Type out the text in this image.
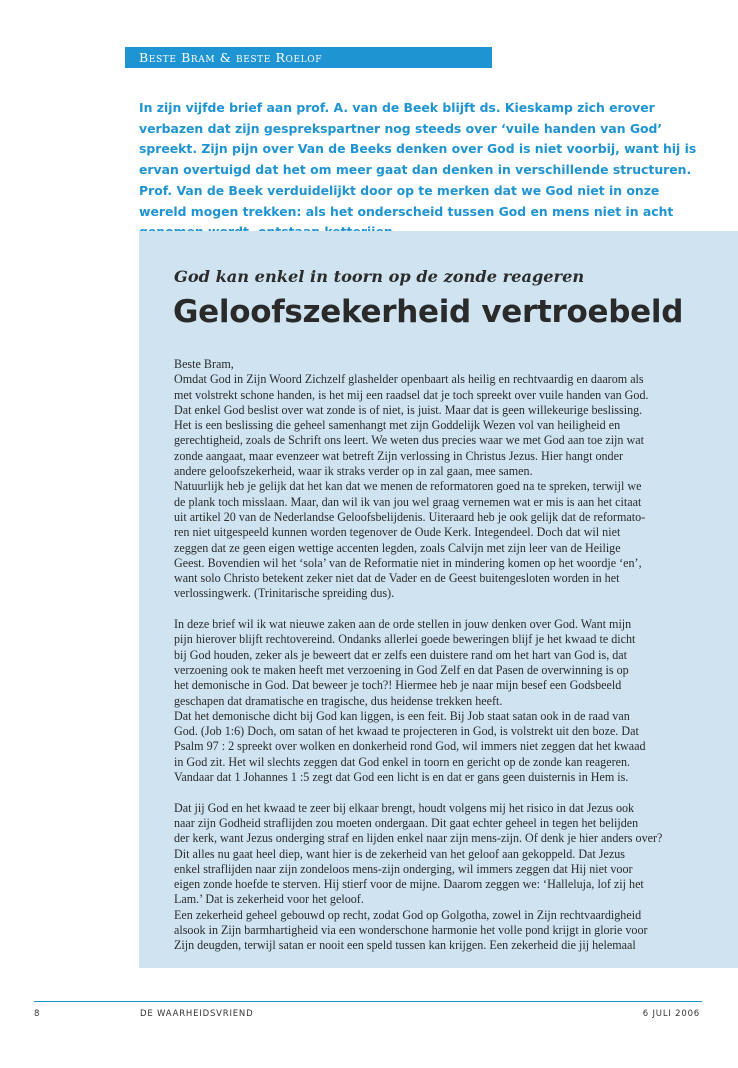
Beste Bram & beste Roelof

In zijn vijfde brief aan prof. A. van de Beek blijft ds. Kieskamp zich erover verbazen dat zijn gesprekspartner nog steeds over ‘vuile handen van God’ spreekt. Zijn pijn over Van de Beeks denken over God is niet voorbij, want hij is ervan overtuigd dat het om meer gaat dan denken in verschillende structuren. Prof. Van de Beek verduidelijkt door op te merken dat we God niet in onze wereld mogen trekken: als het onderscheid tussen God en mens niet in acht

God kan enkel in toorn op de zonde reageren
Geloofszekerheid vertroebeld

Beste Bram,
Omdat God in Zijn Woord Zichzelf glashelder openbaart als heilig en rechtvaardig en daarom als
met volstrekt schone handen, is het mij een raadsel dat je toch spreekt over vuile handen van God.
Dat enkel God beslist over wat zonde is of niet, is juist. Maar dat is geen willekeurige beslissing.
Het is een beslissing die geheel samenhangt met zijn Goddelijk Wezen vol van heiligheid en
gerechtigheid, zoals de Schrift ons leert. We weten dus precies waar we met God aan toe zijn wat
zonde aangaat, maar evenzeer wat betreft Zijn verlossing in Christus Jezus. Hier hangt onder
andere geloofszekerheid, waar ik straks verder op in zal gaan, mee samen.
Natuurlijk heb je gelijk dat het kan dat we menen de reformatoren goed na te spreken, terwijl we
de plank toch misslaan. Maar, dan wil ik van jou wel graag vernemen wat er mis is aan het citaat
uit artikel 20 van de Nederlandse Geloofsbelijdenis. Uiteraard heb je ook gelijk dat de reformato-
ren niet uitgespeeld kunnen worden tegenover de Oude Kerk. Integendeel. Doch dat wil niet
zeggen dat ze geen eigen wettige accenten legden, zoals Calvijn met zijn leer van de Heilige
Geest. Bovendien wil het ‘sola’ van de Reformatie niet in mindering komen op het woordje ‘en’,
want solo Christo betekent zeker niet dat de Vader en de Geest buitengesloten worden in het
verlossingwerk. (Trinitarische spreiding dus).

In deze brief wil ik wat nieuwe zaken aan de orde stellen in jouw denken over God. Want mijn
pijn hierover blijft rechtovereind. Ondanks allerlei goede beweringen blijf je het kwaad te dicht
bij God houden, zeker als je beweert dat er zelfs een duistere rand om het hart van God is, dat
verzoening ook te maken heeft met verzoening in God Zelf en dat Pasen de overwinning is op
het demonische in God. Dat beweer je toch?! Hiermee heb je naar mijn besef een Godsbeeld
geschapen dat dramatische en tragische, dus heidense trekken heeft.
Dat het demonische dicht bij God kan liggen, is een feit. Bij Job staat satan ook in de raad van
God. (Job 1:6) Doch, om satan of het kwaad te projecteren in God, is volstrekt uit den boze. Dat
Psalm 97 : 2 spreekt over wolken en donkerheid rond God, wil immers niet zeggen dat het kwaad
in God zit. Het wil slechts zeggen dat God enkel in toorn en gericht op de zonde kan reageren.
Vandaar dat 1 Johannes 1 :5 zegt dat God een licht is en dat er gans geen duisternis in Hem is.

Dat jij God en het kwaad te zeer bij elkaar brengt, houdt volgens mij het risico in dat Jezus ook
naar zijn Godheid straflijden zou moeten ondergaan. Dit gaat echter geheel in tegen het belijden
der kerk, want Jezus onderging straf en lijden enkel naar zijn mens-zijn. Of denk je hier anders over?
Dit alles nu gaat heel diep, want hier is de zekerheid van het geloof aan gekoppeld. Dat Jezus
enkel straflijden naar zijn zondeloos mens-zijn onderging, wil immers zeggen dat Hij niet voor
eigen zonde hoefde te sterven. Hij stierf voor de mijne. Daarom zeggen we: ‘Halleluja, lof zij het
Lam.’ Dat is zekerheid voor het geloof.
Een zekerheid geheel gebouwd op recht, zodat God op Golgotha, zowel in Zijn rechtvaardigheid
alsook in Zijn barmhartigheid via een wonderschone harmonie het volle pond krijgt in glorie voor
Zijn deugden, terwijl satan er nooit een speld tussen kan krijgen. Een zekerheid die jij helemaal

8	DE WAARHEIDSVRIEND	6 JULI 2006
